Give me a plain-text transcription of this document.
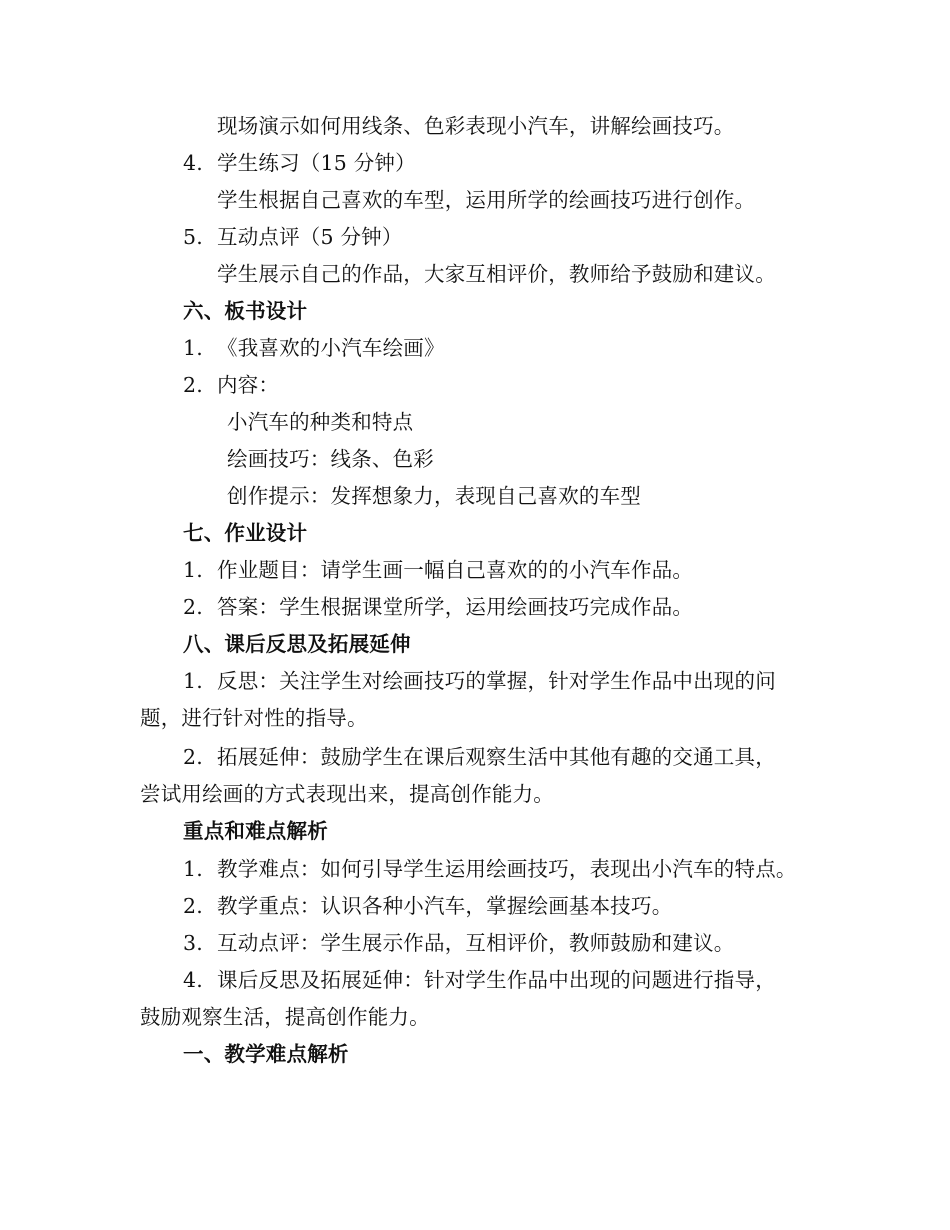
现场演示如何用线条、色彩表现小汽车，讲解绘画技巧。
4. 学生练习（15 分钟）
学生根据自己喜欢的车型，运用所学的绘画技巧进行创作。
5. 互动点评（5 分钟）
学生展示自己的作品，大家互相评价，教师给予鼓励和建议。
六、板书设计
1. 《我喜欢的小汽车绘画》
2. 内容：
小汽车的种类和特点
绘画技巧：线条、色彩
创作提示：发挥想象力，表现自己喜欢的车型
七、作业设计
1. 作业题目：请学生画一幅自己喜欢的的小汽车作品。
2. 答案：学生根据课堂所学，运用绘画技巧完成作品。
八、课后反思及拓展延伸
1. 反思：关注学生对绘画技巧的掌握，针对学生作品中出现的问
题，进行针对性的指导。
2. 拓展延伸：鼓励学生在课后观察生活中其他有趣的交通工具，
尝试用绘画的方式表现出来，提高创作能力。
重点和难点解析
1. 教学难点：如何引导学生运用绘画技巧，表现出小汽车的特点。
2. 教学重点：认识各种小汽车，掌握绘画基本技巧。
3. 互动点评：学生展示作品，互相评价，教师鼓励和建议。
4. 课后反思及拓展延伸：针对学生作品中出现的问题进行指导，
鼓励观察生活，提高创作能力。
一、教学难点解析
